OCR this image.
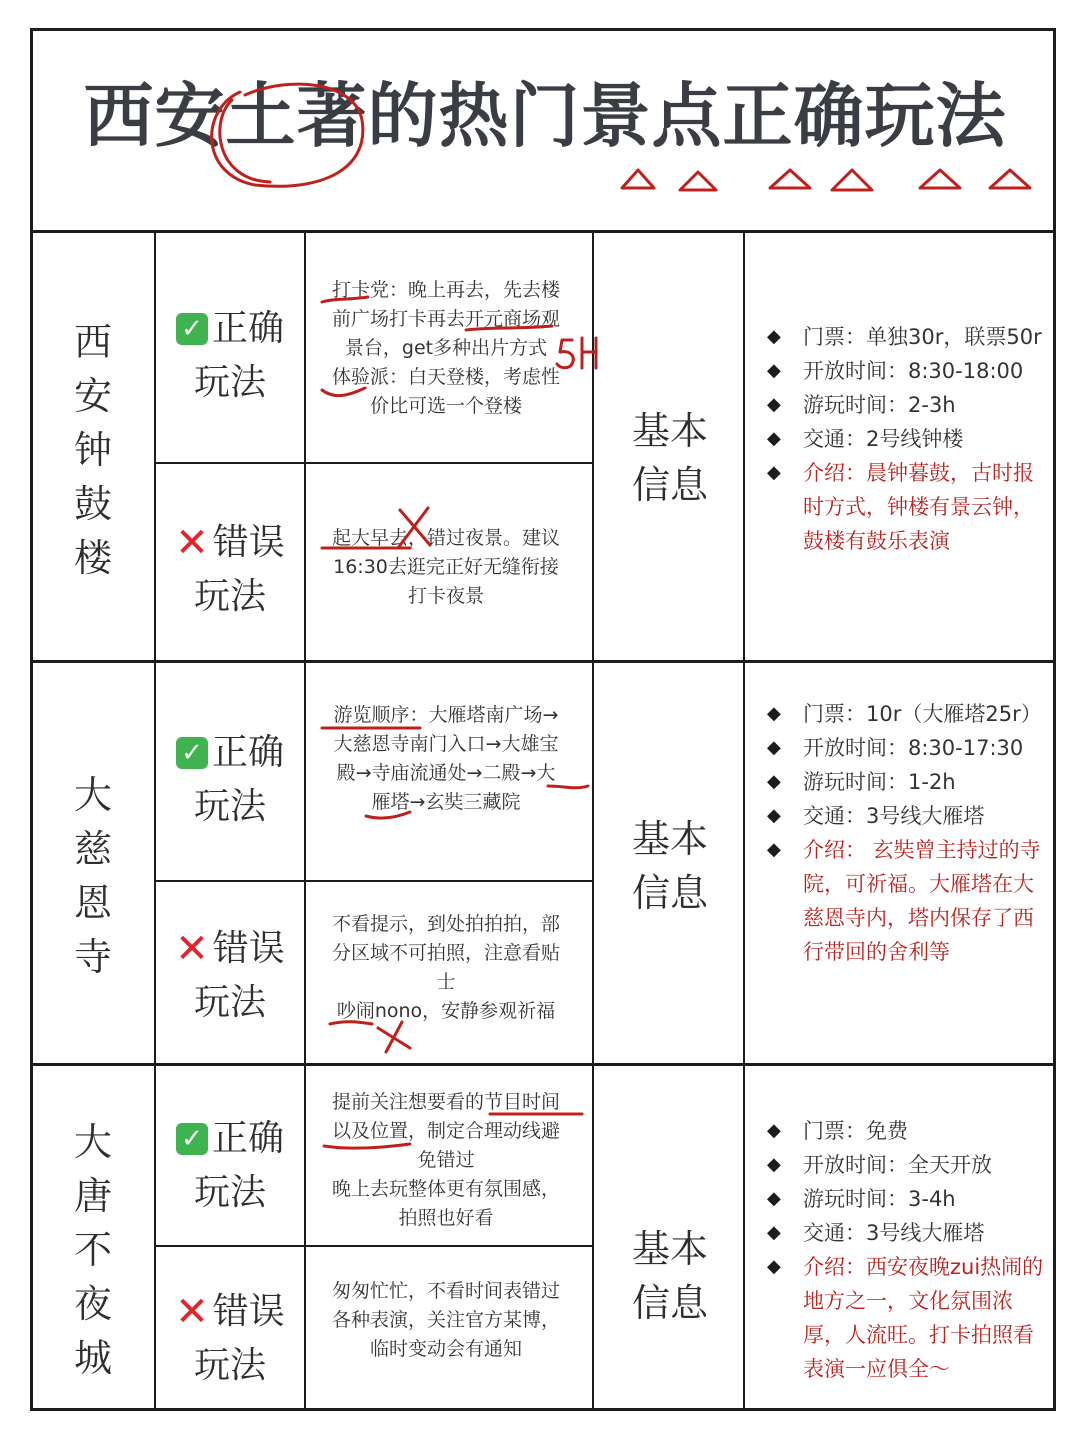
西安土著的热门景点正确玩法
西
安
钟
鼓
楼
✓ 正确
玩法
打卡党：晚上再去，先去楼
前广场打卡再去开元商场观
景台，get多种出片方式
体验派：白天登楼，考虑性
价比可选一个登楼
✕ 错误
玩法
起大早去，错过夜景。建议
16:30去逛完正好无缝衔接
打卡夜景
基本
信息
◆ 门票：单独30r，联票50r
◆ 开放时间：8:30-18:00
◆ 游玩时间：2-3h
◆ 交通：2号线钟楼
◆ 介绍：晨钟暮鼓，古时报时方式，钟楼有景云钟，鼓楼有鼓乐表演
大
慈
恩
寺
✓ 正确
玩法
游览顺序：大雁塔南广场→
大慈恩寺南门入口→大雄宝
殿→寺庙流通处→二殿→大
雁塔→玄奘三藏院
✕ 错误
玩法
不看提示，到处拍拍拍，部
分区域不可拍照，注意看贴
士
吵闹nono，安静参观祈福
基本
信息
◆ 门票：10r（大雁塔25r）
◆ 开放时间：8:30-17:30
◆ 游玩时间：1-2h
◆ 交通：3号线大雁塔
◆ 介绍： 玄奘曾主持过的寺院，可祈福。大雁塔在大慈恩寺内，塔内保存了西行带回的舍利等
大
唐
不
夜
城
✓ 正确
玩法
提前关注想要看的节目时间
以及位置，制定合理动线避
免错过
晚上去玩整体更有氛围感，
拍照也好看
✕ 错误
玩法
匆匆忙忙，不看时间表错过
各种表演，关注官方某博，
临时变动会有通知
基本
信息
◆ 门票：免费
◆ 开放时间：全天开放
◆ 游玩时间：3-4h
◆ 交通：3号线大雁塔
◆ 介绍：西安夜晚zui热闹的地方之一，文化氛围浓厚，人流旺。打卡拍照看表演一应俱全～
